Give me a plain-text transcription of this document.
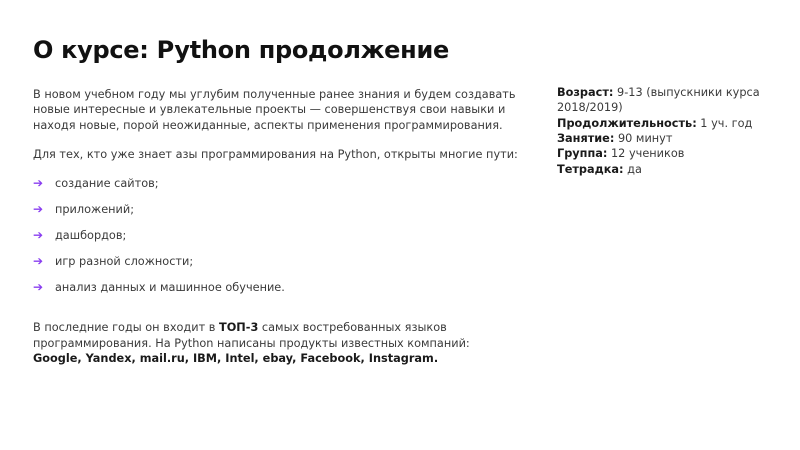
О курсе: Python продолжение

В новом учебном году мы углубим полученные ранее знания и будем создавать новые интересные и увлекательные проекты — совершенствуя свои навыки и находя новые, порой неожиданные, аспекты применения программирования.

Для тех, кто уже знает азы программирования на Python, открыты многие пути:

➔	создание сайтов;
➔	приложений;
➔	дашбордов;
➔	игр разной сложности;
➔	анализ данных и машинное обучение.

В последние годы он входит в ТОП-3 самых востребованных языков программирования. На Python написаны продукты известных компаний:
Google, Yandex, mail.ru, IBM, Intel, ebay, Facebook, Instagram.

Возраст: 9-13 (выпускники курса 2018/2019)

Продолжительность: 1 уч. год

Занятие: 90 минут

Группа: 12 учеников

Тетрадка: да
